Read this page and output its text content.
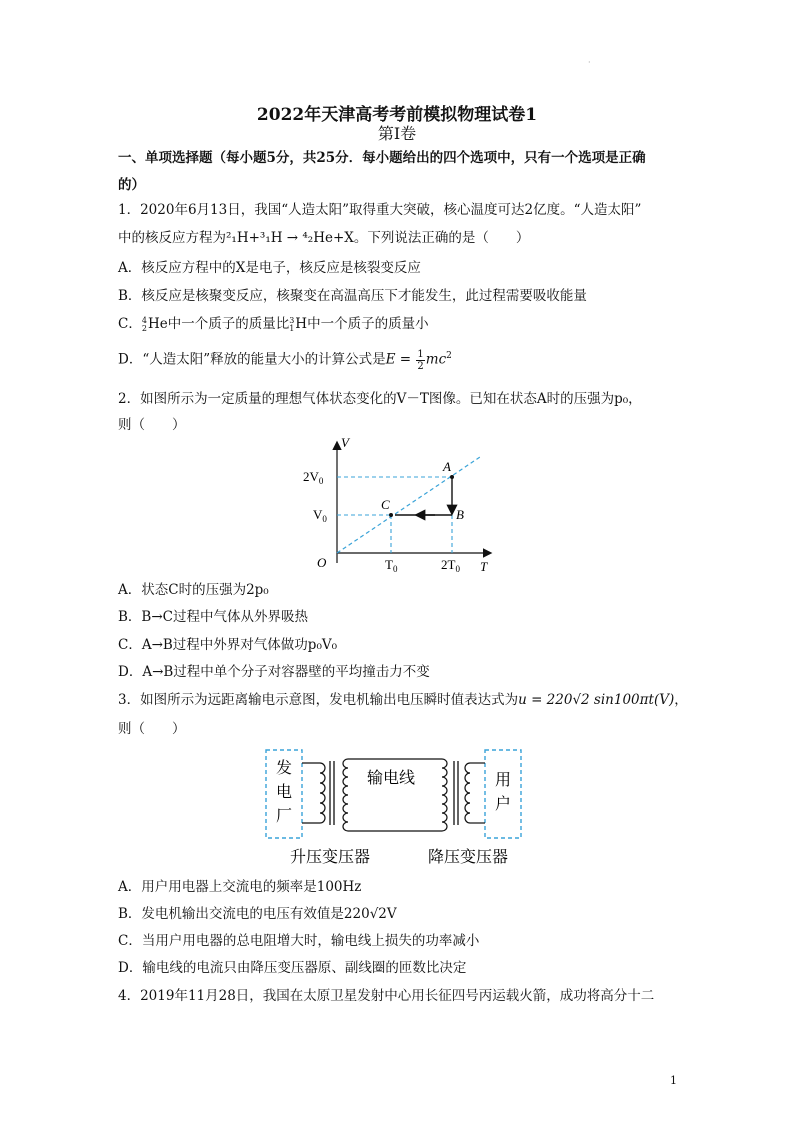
·
2022年天津高考考前模拟物理试卷1
第Ⅰ卷
一、单项选择题（每小题5分，共25分．每小题给出的四个选项中，只有一个选项是正确
的）
1．2020年6月13日，我国“人造太阳”取得重大突破，核心温度可达2亿度。“人造太阳”
中的核反应方程为²₁H+³₁H → ⁴₂He+X。下列说法正确的是（　　）
A．核反应方程中的X是电子，核反应是核裂变反应
B．核反应是核聚变反应，核聚变在高温高压下才能发生，此过程需要吸收能量
C．4
2He中一个质子的质量比3
1H中一个质子的质量小
D．“人造太阳”释放的能量大小的计算公式是$E = \frac{1}{2} mc^2$
2．如图所示为一定质量的理想气体状态变化的V－T图像。已知在状态A时的压强为p₀，
则（　　）
V
T
O
$2V_0$
$V_0$
$T_0$	$2T_0$
A
B
C
A．状态C时的压强为2p₀
B．B→C过程中气体从外界吸热
C．A→B过程中外界对气体做功p₀V₀
D．A→B过程中单个分子对容器壁的平均撞击力不变
3．如图所示为远距离输电示意图，发电机输出电压瞬时值表达式为u = 220√2 sin100πt(V)，
则（　　）
发
电
厂
输电线	用
户
升压变压器	降压变压器
A．用户用电器上交流电的频率是100Hz
B．发电机输出交流电的电压有效值是220√2V
C．当用户用电器的总电阻增大时，输电线上损失的功率减小
D．输电线的电流只由降压变压器原、副线圈的匝数比决定
4．2019年11月28日，我国在太原卫星发射中心用长征四号丙运载火箭，成功将高分十二
1
